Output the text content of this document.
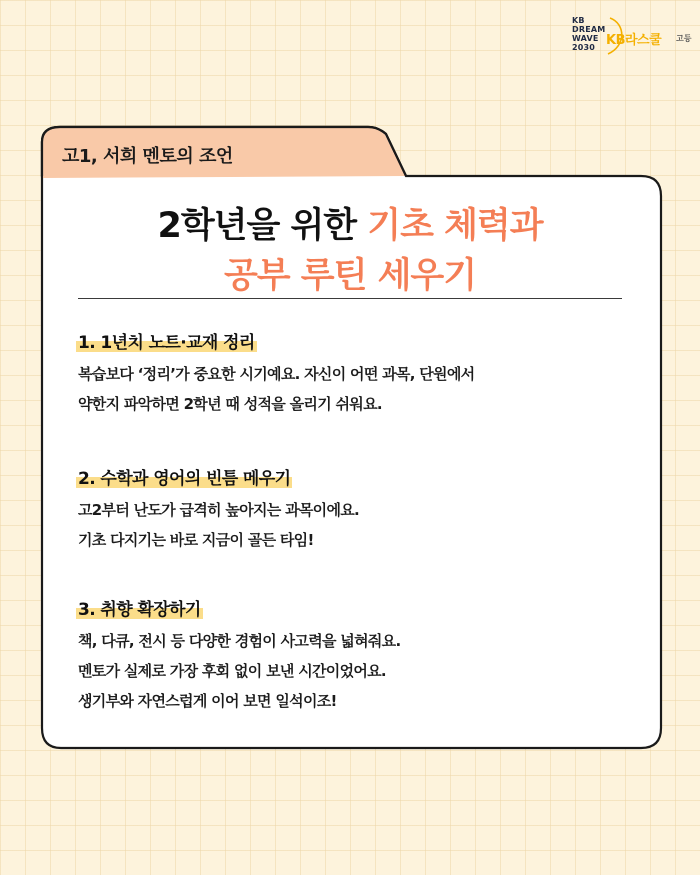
KB
DREAM
WAVE
2030 KB라스쿨 고등
고1, 서희 멘토의 조언
2학년을 위한 기초 체력과
공부 루틴 세우기
1. 1년치 노트·교재 정리
복습보다 ‘정리’가 중요한 시기예요. 자신이 어떤 과목, 단원에서
약한지 파악하면 2학년 때 성적을 올리기 쉬워요.
2. 수학과 영어의 빈틈 메우기
고2부터 난도가 급격히 높아지는 과목이에요.
기초 다지기는 바로 지금이 골든 타임!
3. 취향 확장하기
책, 다큐, 전시 등 다양한 경험이 사고력을 넓혀줘요.
멘토가 실제로 가장 후회 없이 보낸 시간이었어요.
생기부와 자연스럽게 이어 보면 일석이조!
